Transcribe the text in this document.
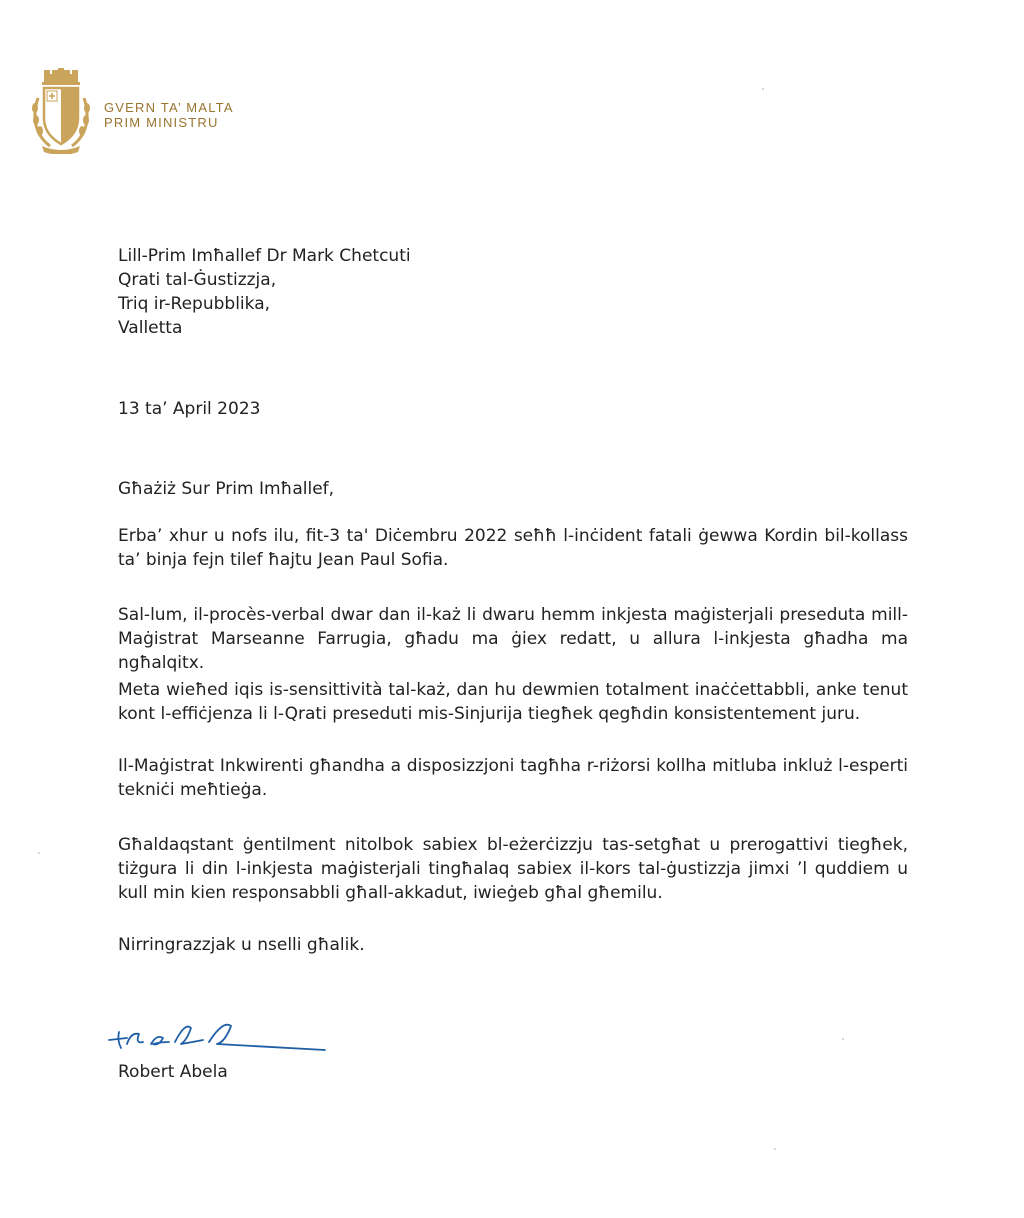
GVERN TA’ MALTA
PRIM MINISTRU
Lill-Prim Imħallef Dr Mark Chetcuti
Qrati tal-Ġustizzja,
Triq ir-Repubblika,
Valletta
13 ta’ April 2023
Għażiż Sur Prim Imħallef,

Erba’ xhur u nofs ilu, fit-3 ta' Diċembru 2022 seħħ l-inċident fatali ġewwa Kordin bil-kollass ta’ binja fejn tilef ħajtu Jean Paul Sofia.

Sal-lum, il-procès-verbal dwar dan il-każ li dwaru hemm inkjesta maġisterjali preseduta mill-Maġistrat Marseanne Farrugia, għadu ma ġiex redatt, u allura l-inkjesta għadha ma ngħalqitx.

Meta wieħed iqis is-sensittività tal-każ, dan hu dewmien totalment inaċċettabbli, anke tenut kont l-effiċjenza li l-Qrati preseduti mis-Sinjurija tiegħek qegħdin konsistentement juru.

Il-Maġistrat Inkwirenti għandha a disposizzjoni tagħha r-riżorsi kollha mitluba inkluż l-esperti tekniċi meħtieġa.

Għaldaqstant ġentilment nitolbok sabiex bl-eżerċizzju tas-setgħat u prerogattivi tiegħek, tiżgura li din l-inkjesta maġisterjali tingħalaq sabiex il-kors tal-ġustizzja jimxi ’l quddiem u kull min kien responsabbli għall-akkadut, iwieġeb għal għemilu.

Nirringrazzjak u nselli għalik.
Robert Abela
